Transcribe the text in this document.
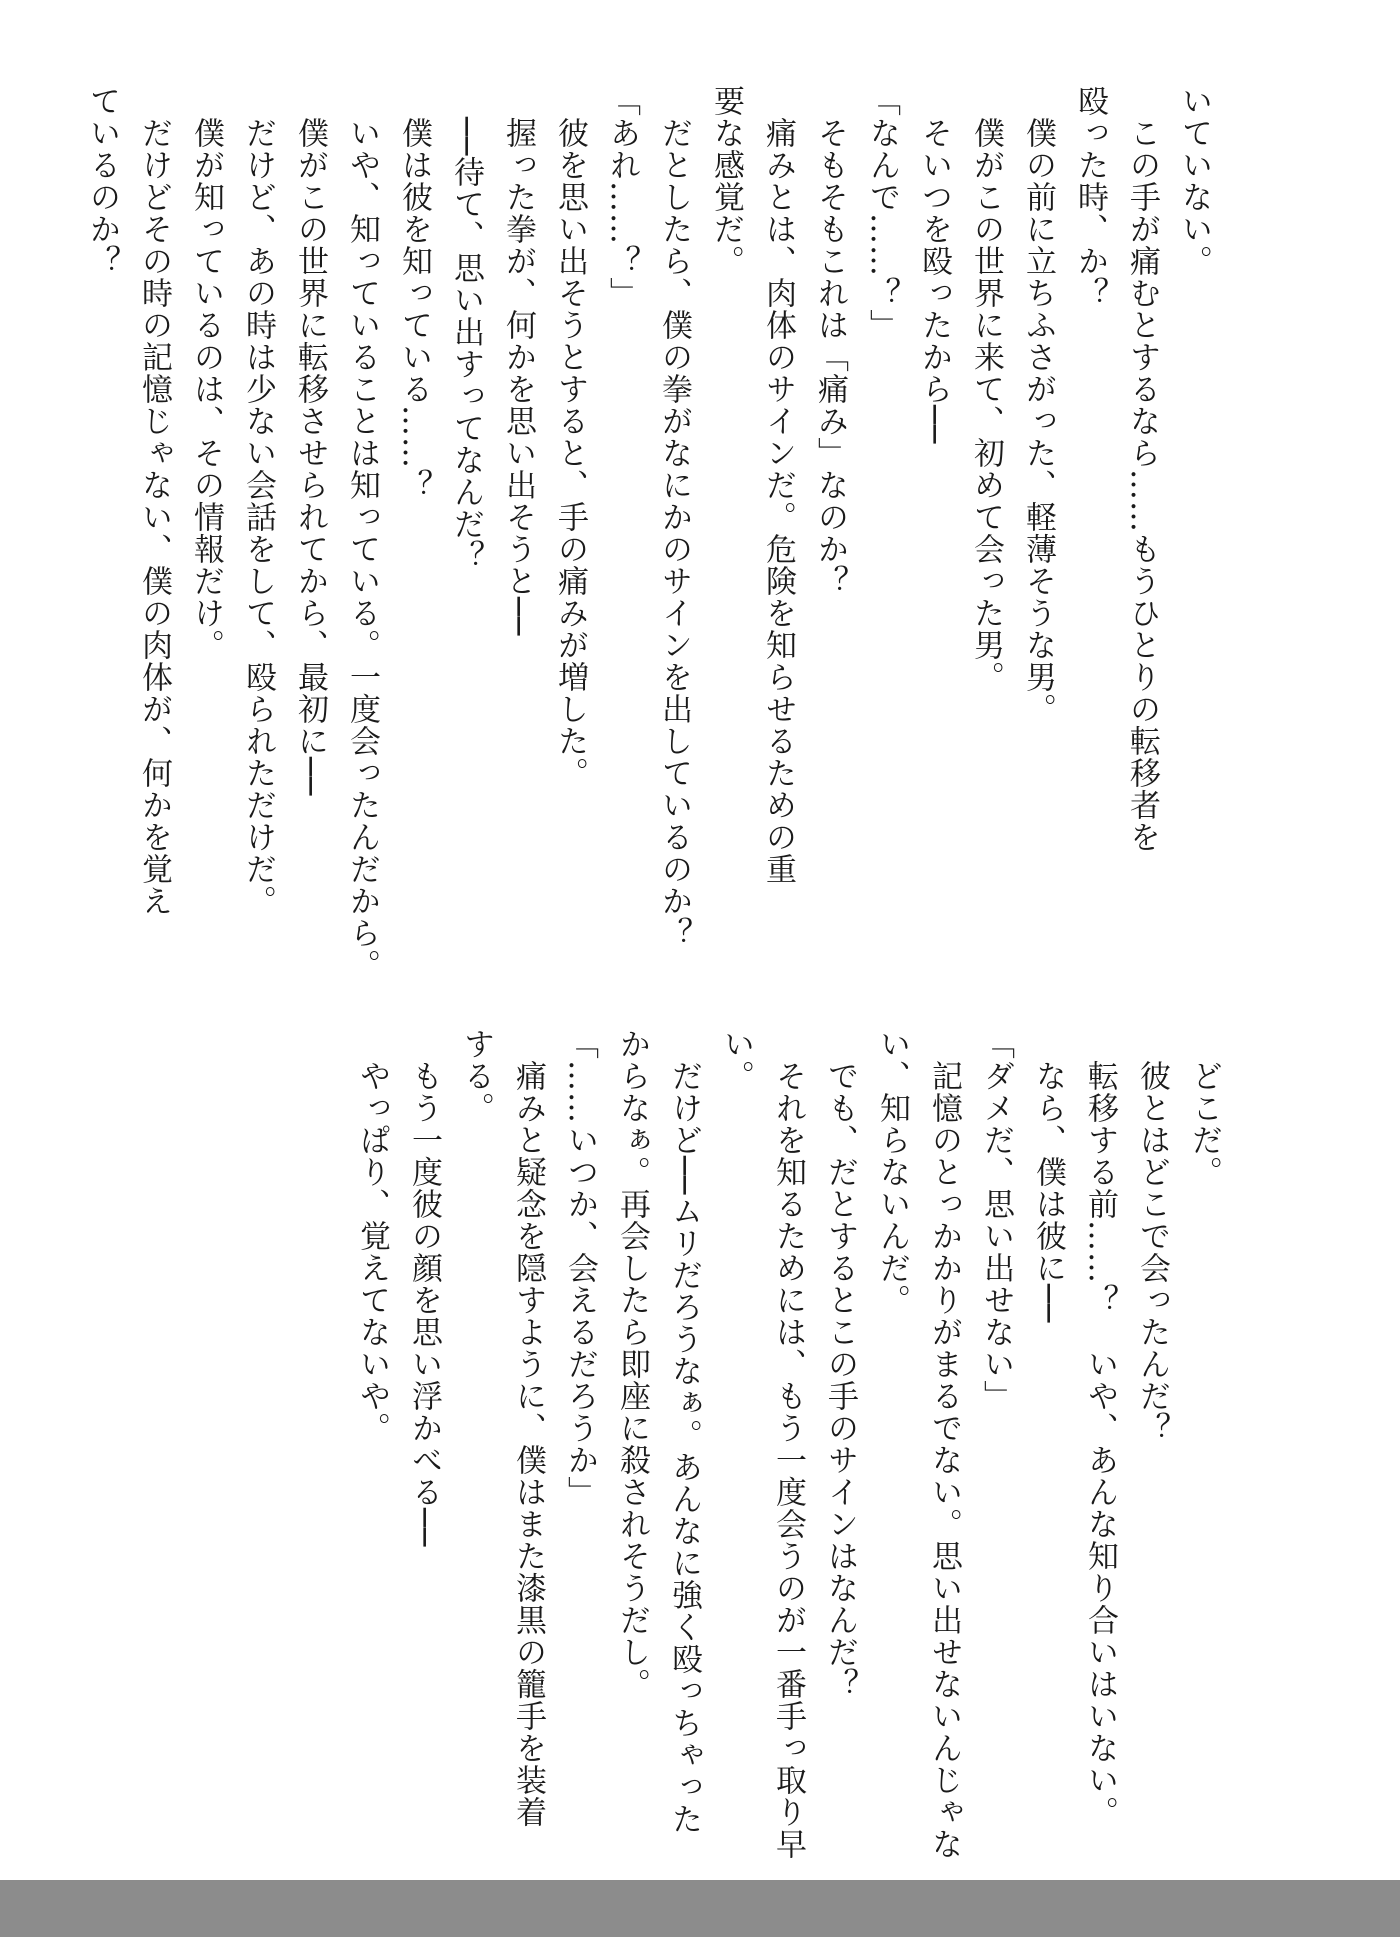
いていない。
　この手が痛むとするなら……もうひとりの転移者を
殴った時、か？
　僕の前に立ちふさがった、軽薄そうな男。
　僕がこの世界に来て、初めて会った男。
　そいつを殴ったから──
「なんで……？」
　そもそもこれは「痛み」なのか？
　痛みとは、肉体のサインだ。危険を知らせるための重
要な感覚だ。
　だとしたら、僕の拳がなにかのサインを出しているのか？
「あれ……？」
　彼を思い出そうとすると、手の痛みが増した。
　握った拳が、何かを思い出そうと──
　──待て、思い出すってなんだ？
　僕は彼を知っている……？
　いや、知っていることは知っている。一度会ったんだから。
　僕がこの世界に転移させられてから、最初に──
　だけど、あの時は少ない会話をして、殴られただけだ。
　僕が知っているのは、その情報だけ。
　だけどその時の記憶じゃない、僕の肉体が、何かを覚え
ているのか？
　どこだ。
　彼とはどこで会ったんだ？
　転移する前……？　いや、あんな知り合いはいない。
　なら、僕は彼に──
「ダメだ、思い出せない」
　記憶のとっかかりがまるでない。思い出せないんじゃな
い、知らないんだ。
　でも、だとするとこの手のサインはなんだ？
　それを知るためには、もう一度会うのが一番手っ取り早
い。
　だけど──ムリだろうなぁ。あんなに強く殴っちゃった
からなぁ。再会したら即座に殺されそうだし。
「……いつか、会えるだろうか」
　痛みと疑念を隠すように、僕はまた漆黒の籠手を装着
する。
　もう一度彼の顔を思い浮かべる──
　やっぱり、覚えてないや。
